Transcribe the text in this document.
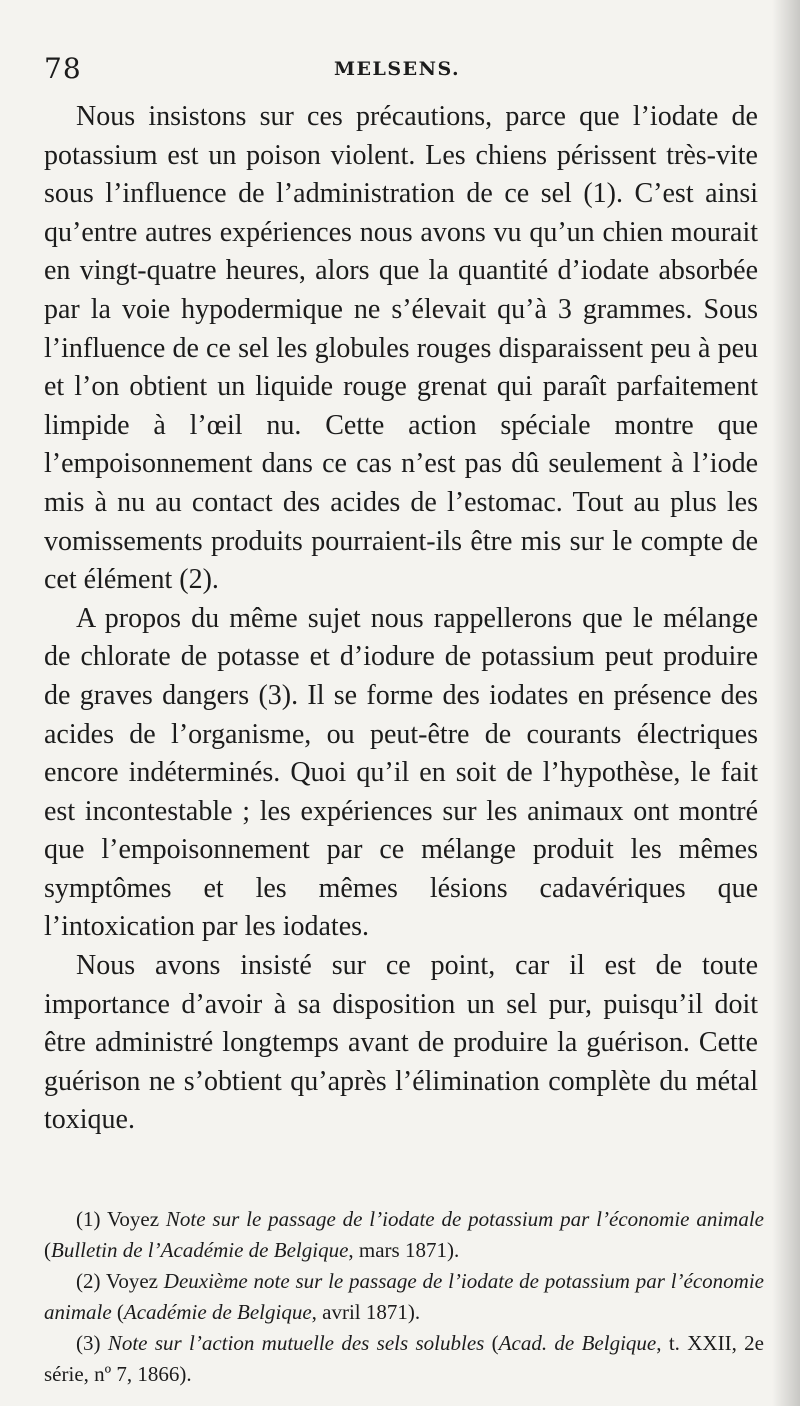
78	MELSENS.

Nous insistons sur ces précautions, parce que l’iodate de potassium est un poison violent. Les chiens périssent très-vite sous l’influence de l’administration de ce sel (1). C’est ainsi qu’entre autres expériences nous avons vu qu’un chien mourait en vingt-quatre heures, alors que la quantité d’iodate absorbée par la voie hypodermique ne s’élevait qu’à 3 grammes. Sous l’influence de ce sel les globules rouges disparaissent peu à peu et l’on obtient un liquide rouge grenat qui paraît parfaitement limpide à l’œil nu. Cette action spéciale montre que l’empoisonnement dans ce cas n’est pas dû seulement à l’iode mis à nu au contact des acides de l’estomac. Tout au plus les vomissements produits pourraient-ils être mis sur le compte de cet élément (2).

A propos du même sujet nous rappellerons que le mélange de chlorate de potasse et d’iodure de potassium peut produire de graves dangers (3). Il se forme des iodates en présence des acides de l’organisme, ou peut-être de courants électriques encore indéterminés. Quoi qu’il en soit de l’hypothèse, le fait est incontestable ; les expériences sur les animaux ont montré que l’empoisonnement par ce mélange produit les mêmes symptômes et les mêmes lésions cadavériques que l’intoxication par les iodates.

Nous avons insisté sur ce point, car il est de toute importance d’avoir à sa disposition un sel pur, puisqu’il doit être administré longtemps avant de produire la guérison. Cette guérison ne s’obtient qu’après l’élimination complète du métal toxique.

(1) Voyez Note sur le passage de l’iodate de potassium par l’économie animale (Bulletin de l’Académie de Belgique, mars 1871).

(2) Voyez Deuxième note sur le passage de l’iodate de potassium par l’économie animale (Académie de Belgique, avril 1871).

(3) Note sur l’action mutuelle des sels solubles (Acad. de Belgique, t. XXII, 2e série, nº 7, 1866).
